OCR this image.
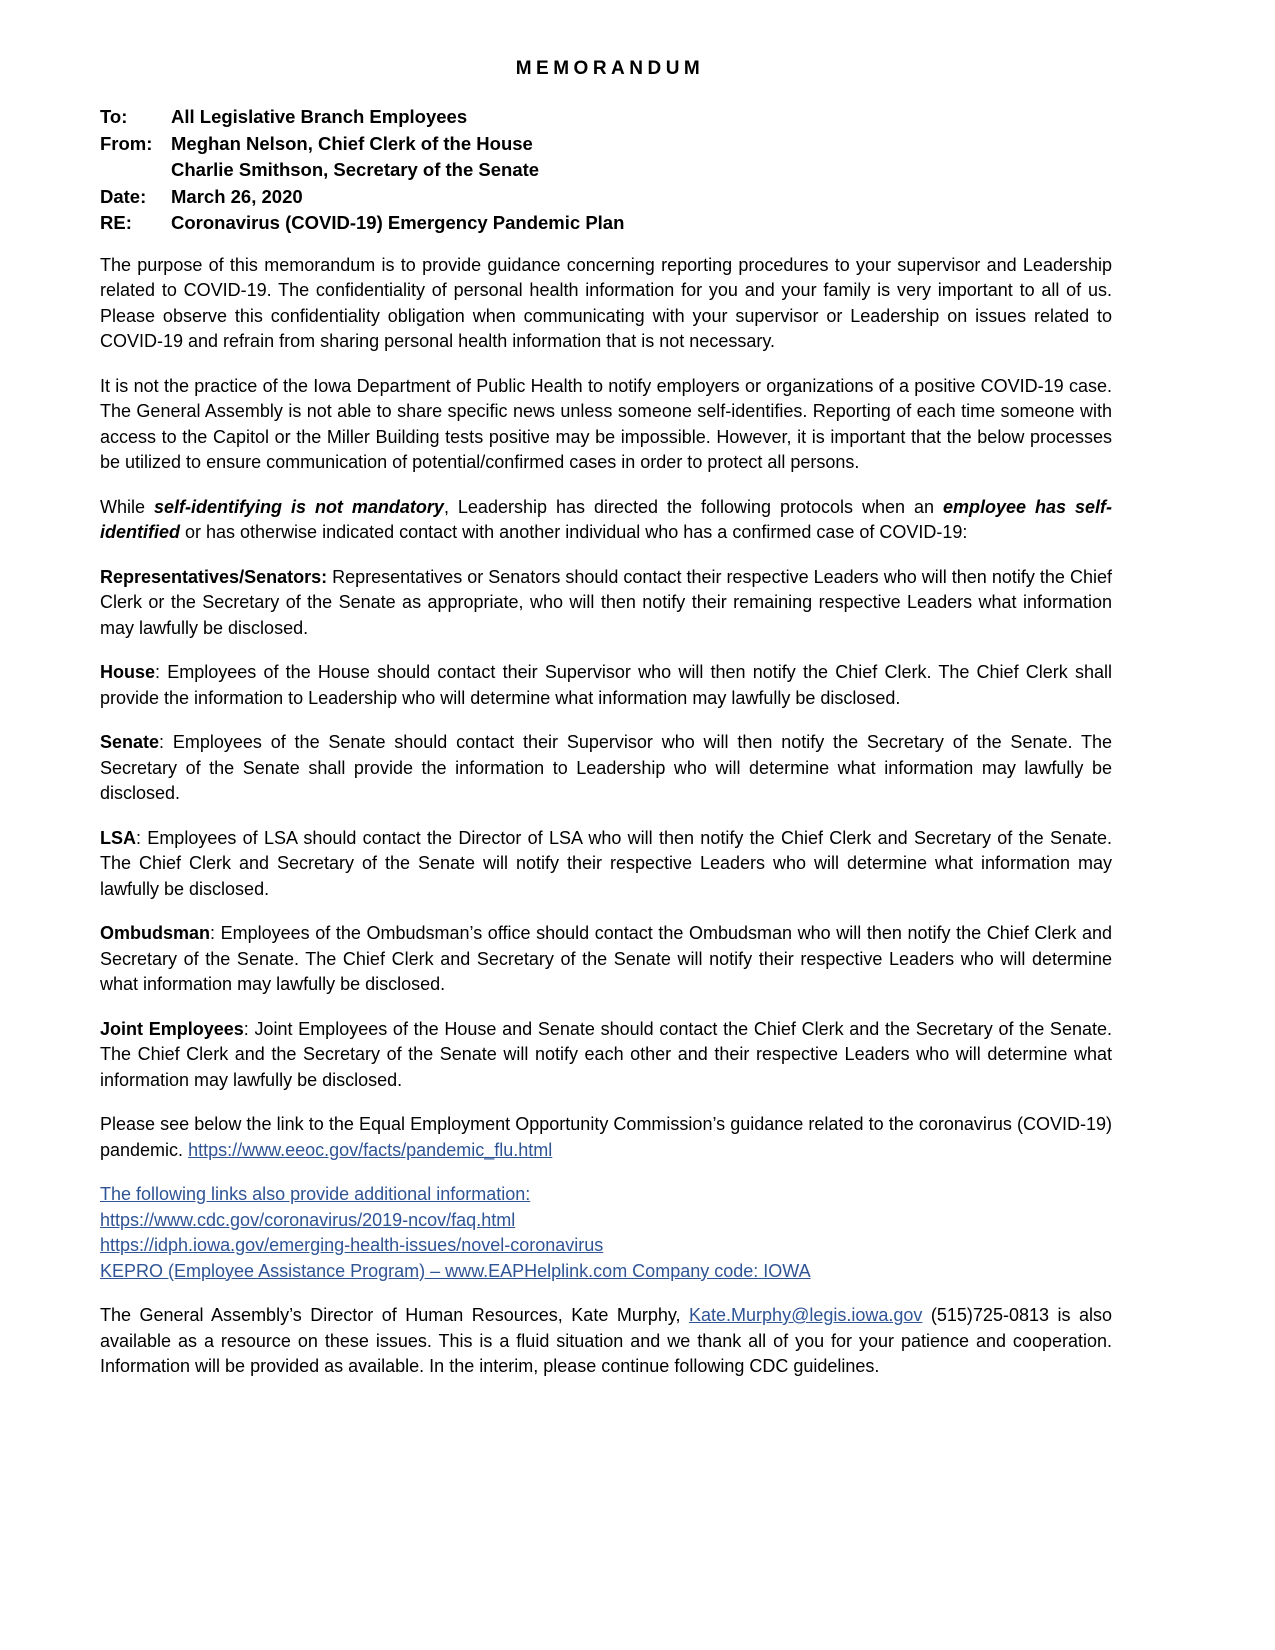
MEMORANDUM
To:	All Legislative Branch Employees
From:	Meghan Nelson, Chief Clerk of the House
Charlie Smithson, Secretary of the Senate
Date:	March 26, 2020
RE:	Coronavirus (COVID-19) Emergency Pandemic Plan

The purpose of this memorandum is to provide guidance concerning reporting procedures to your supervisor and Leadership related to COVID-19. The confidentiality of personal health information for you and your family is very important to all of us. Please observe this confidentiality obligation when communicating with your supervisor or Leadership on issues related to COVID-19 and refrain from sharing personal health information that is not necessary.

It is not the practice of the Iowa Department of Public Health to notify employers or organizations of a positive COVID-19 case. The General Assembly is not able to share specific news unless someone self-identifies. Reporting of each time someone with access to the Capitol or the Miller Building tests positive may be impossible. However, it is important that the below processes be utilized to ensure communication of potential/confirmed cases in order to protect all persons.

While self-identifying is not mandatory, Leadership has directed the following protocols when an employee has self-identified or has otherwise indicated contact with another individual who has a confirmed case of COVID-19:

Representatives/Senators: Representatives or Senators should contact their respective Leaders who will then notify the Chief Clerk or the Secretary of the Senate as appropriate, who will then notify their remaining respective Leaders what information may lawfully be disclosed.

House: Employees of the House should contact their Supervisor who will then notify the Chief Clerk. The Chief Clerk shall provide the information to Leadership who will determine what information may lawfully be disclosed.

Senate: Employees of the Senate should contact their Supervisor who will then notify the Secretary of the Senate. The Secretary of the Senate shall provide the information to Leadership who will determine what information may lawfully be disclosed.

LSA: Employees of LSA should contact the Director of LSA who will then notify the Chief Clerk and Secretary of the Senate. The Chief Clerk and Secretary of the Senate will notify their respective Leaders who will determine what information may lawfully be disclosed.

Ombudsman: Employees of the Ombudsman’s office should contact the Ombudsman who will then notify the Chief Clerk and Secretary of the Senate. The Chief Clerk and Secretary of the Senate will notify their respective Leaders who will determine what information may lawfully be disclosed.

Joint Employees: Joint Employees of the House and Senate should contact the Chief Clerk and the Secretary of the Senate. The Chief Clerk and the Secretary of the Senate will notify each other and their respective Leaders who will determine what information may lawfully be disclosed.

Please see below the link to the Equal Employment Opportunity Commission’s guidance related to the coronavirus (COVID-19) pandemic. https://www.eeoc.gov/facts/pandemic_flu.html

The following links also provide additional information:
https://www.cdc.gov/coronavirus/2019-ncov/faq.html
https://idph.iowa.gov/emerging-health-issues/novel-coronavirus
KEPRO (Employee Assistance Program) – www.EAPHelplink.com Company code: IOWA

The General Assembly’s Director of Human Resources, Kate Murphy, Kate.Murphy@legis.iowa.gov (515)725-0813 is also available as a resource on these issues. This is a fluid situation and we thank all of you for your patience and cooperation. Information will be provided as available. In the interim, please continue following CDC guidelines.
